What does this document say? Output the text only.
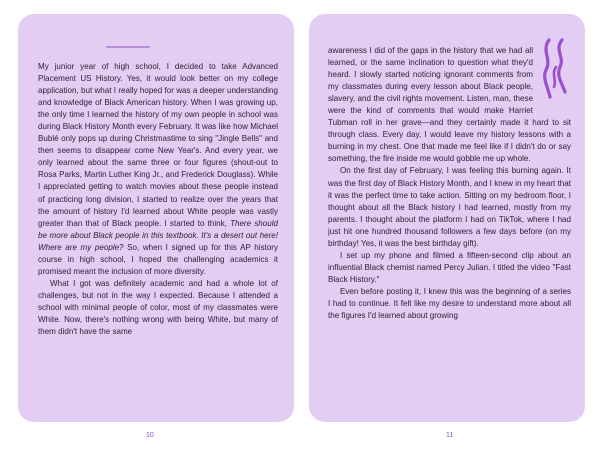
My junior year of high school, I decided to take Advanced Placement US History. Yes, it would look better on my college application, but what I really hoped for was a deeper understanding and knowledge of Black American history. When I was growing up, the only time I learned the history of my own people in school was during Black History Month every February. It was like how Michael Bublé only pops up during Christmastime to sing "Jingle Bells" and then seems to disappear come New Year's. And every year, we only learned about the same three or four figures (shout-out to Rosa Parks, Martin Luther King Jr., and Frederick Douglass). While I appreciated getting to watch movies about these people instead of practicing long division, I started to realize over the years that the amount of history I'd learned about White people was vastly greater than that of Black people. I started to think, There should be more about Black people in this textbook. It's a desert out here! Where are my people? So, when I signed up for this AP history course in high school, I hoped the challenging academics it promised meant the inclusion of more diversity.

What I got was definitely academic and had a whole lot of challenges, but not in the way I expected. Because I attended a school with minimal people of color, most of my classmates were White. Now, there's nothing wrong with being White, but many of them didn't have the same

awareness I did of the gaps in the history that we had all learned, or the same inclination to question what they'd heard. I slowly started noticing ignorant comments from my classmates during every lesson about Black people, slavery, and the civil rights movement. Listen, man, these were the kind of comments that would make Harriet Tubman roll in her grave—and they certainly made it hard to sit through class. Every day, I would leave my history lessons with a burning in my chest. One that made me feel like if I didn't do or say something, the fire inside me would gobble me up whole.

On the first day of February, I was feeling this burning again. It was the first day of Black History Month, and I knew in my heart that it was the perfect time to take action. Sitting on my bedroom floor, I thought about all the Black history I had learned, mostly from my parents. I thought about the platform I had on TikTok, where I had just hit one hundred thousand followers a few days before (on my birthday! Yes, it was the best birthday gift).

I set up my phone and filmed a fifteen-second clip about an influential Black chemist named Percy Julian. I titled the video "Fast Black History."

Even before posting it, I knew this was the beginning of a series I had to continue. It felt like my desire to understand more about all the figures I'd learned about growing

10	11
